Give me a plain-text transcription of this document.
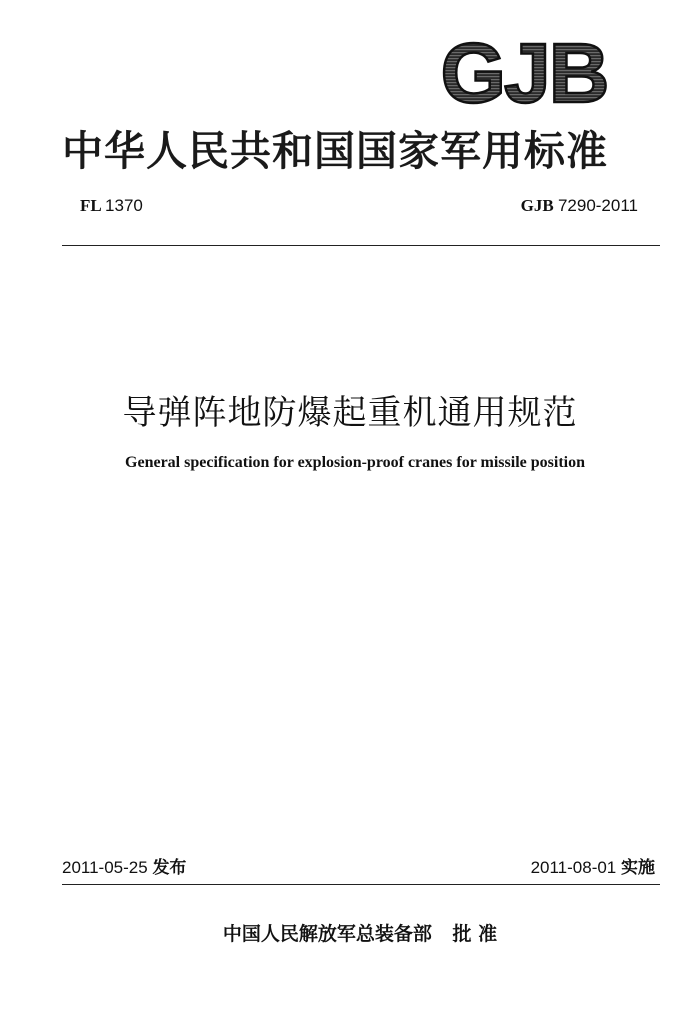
GJB
中华人民共和国国家军用标准
FL 1370	GJB 7290-2011
导弹阵地防爆起重机通用规范
General specification for explosion-proof cranes for missile position
2011-05-25 发布	2011-08-01 实施
中国人民解放军总装备部 批 准
